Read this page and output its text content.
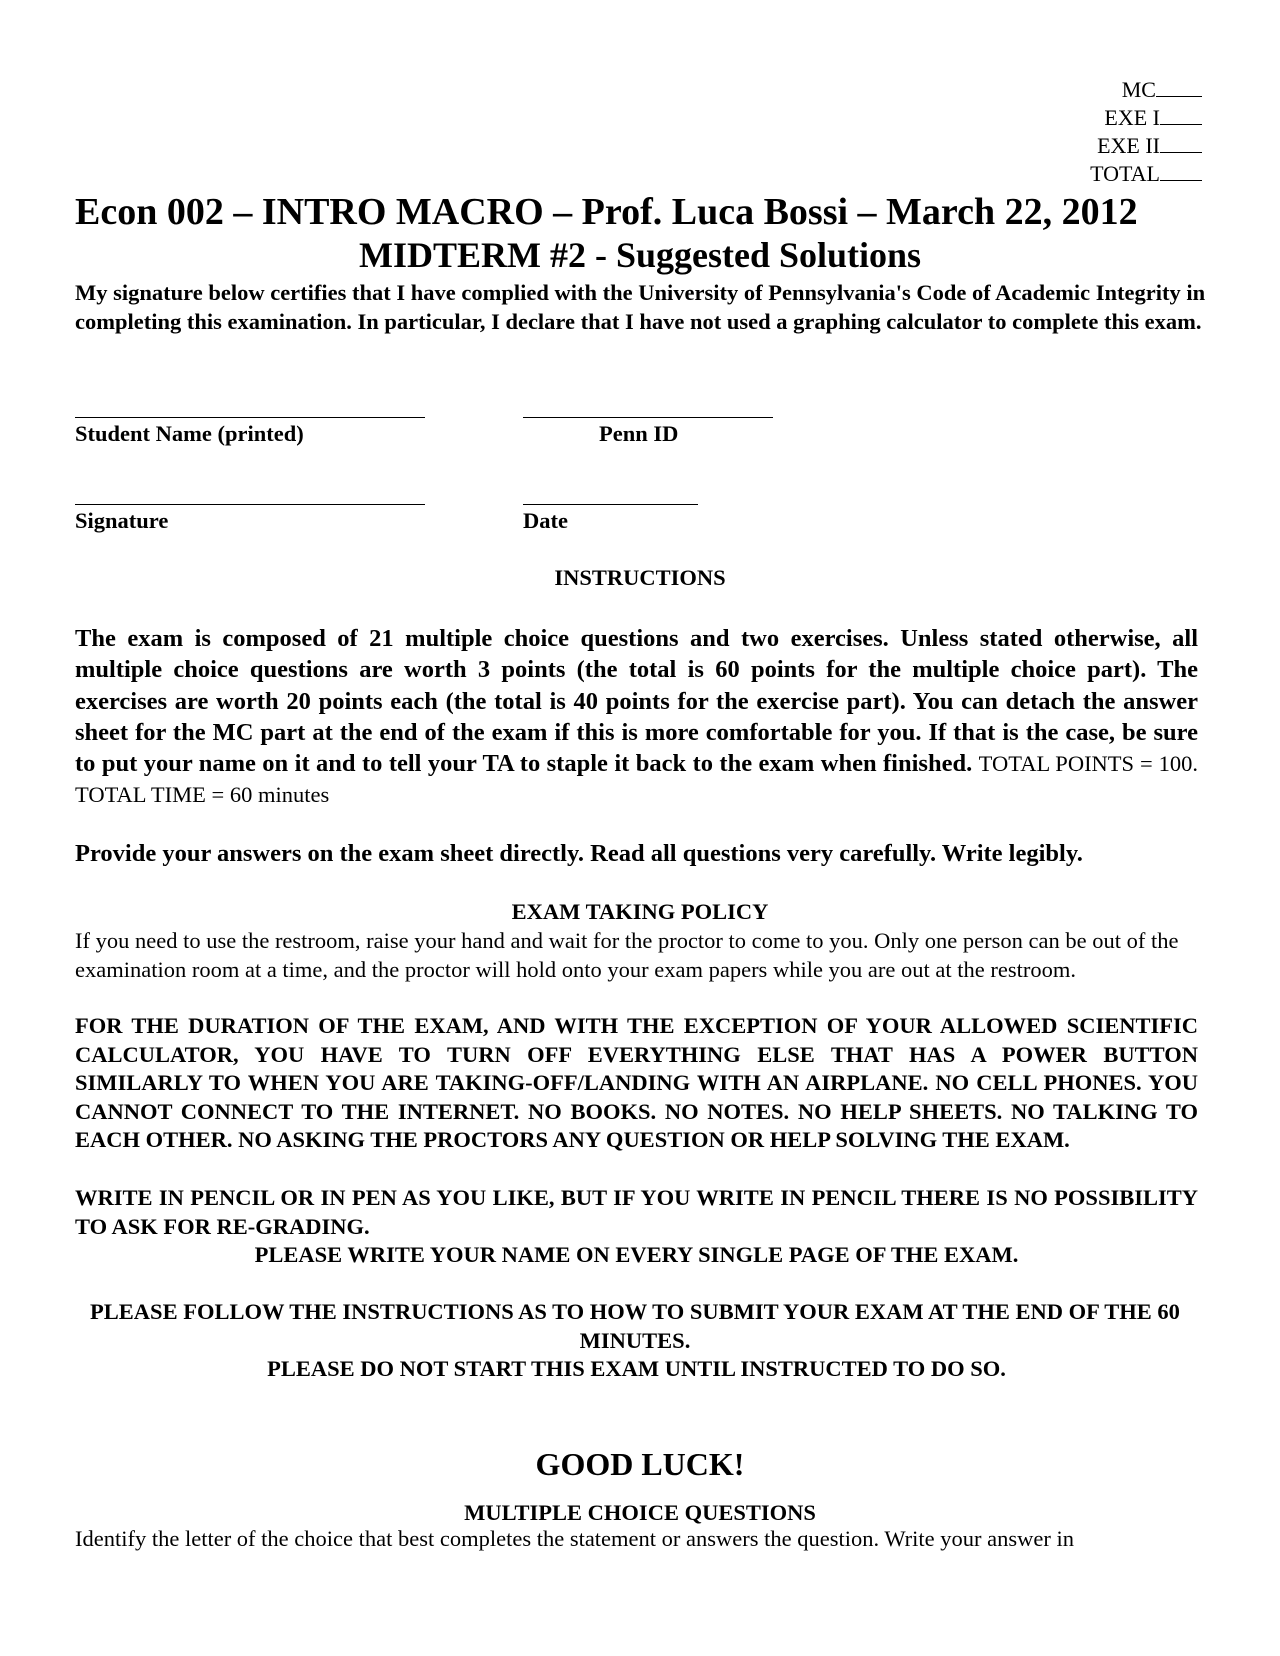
MC
EXE I
EXE II
TOTAL
Econ 002 – INTRO MACRO – Prof. Luca Bossi – March 22, 2012
MIDTERM #2 - Suggested Solutions
My signature below certifies that I have complied with the University of Pennsylvania's Code of Academic Integrity in completing this examination. In particular, I declare that I have not used a graphing calculator to complete this exam.
Student Name (printed)	Penn ID
Signature	Date
INSTRUCTIONS
The exam is composed of 21 multiple choice questions and two exercises. Unless stated otherwise, all multiple choice questions are worth 3 points (the total is 60 points for the multiple choice part). The exercises are worth 20 points each (the total is 40 points for the exercise part). You can detach the answer sheet for the MC part at the end of the exam if this is more comfortable for you. If that is the case, be sure to put your name on it and to tell your TA to staple it back to the exam when finished. TOTAL POINTS = 100. TOTAL TIME = 60 minutes
Provide your answers on the exam sheet directly. Read all questions very carefully. Write legibly.
EXAM TAKING POLICY
If you need to use the restroom, raise your hand and wait for the proctor to come to you. Only one person can be out of the examination room at a time, and the proctor will hold onto your exam papers while you are out at the restroom.
FOR THE DURATION OF THE EXAM, AND WITH THE EXCEPTION OF YOUR ALLOWED SCIENTIFIC CALCULATOR, YOU HAVE TO TURN OFF EVERYTHING ELSE THAT HAS A POWER BUTTON SIMILARLY TO WHEN YOU ARE TAKING-OFF/LANDING WITH AN AIRPLANE. NO CELL PHONES. YOU CANNOT CONNECT TO THE INTERNET. NO BOOKS. NO NOTES. NO HELP SHEETS. NO TALKING TO EACH OTHER. NO ASKING THE PROCTORS ANY QUESTION OR HELP SOLVING THE EXAM.
WRITE IN PENCIL OR IN PEN AS YOU LIKE, BUT IF YOU WRITE IN PENCIL THERE IS NO POSSIBILITY TO ASK FOR RE-GRADING.
PLEASE WRITE YOUR NAME ON EVERY SINGLE PAGE OF THE EXAM.
PLEASE FOLLOW THE INSTRUCTIONS AS TO HOW TO SUBMIT YOUR EXAM AT THE END OF THE 60 MINUTES.
PLEASE DO NOT START THIS EXAM UNTIL INSTRUCTED TO DO SO.
GOOD LUCK!
MULTIPLE CHOICE QUESTIONS
Identify the letter of the choice that best completes the statement or answers the question. Write your answer in
